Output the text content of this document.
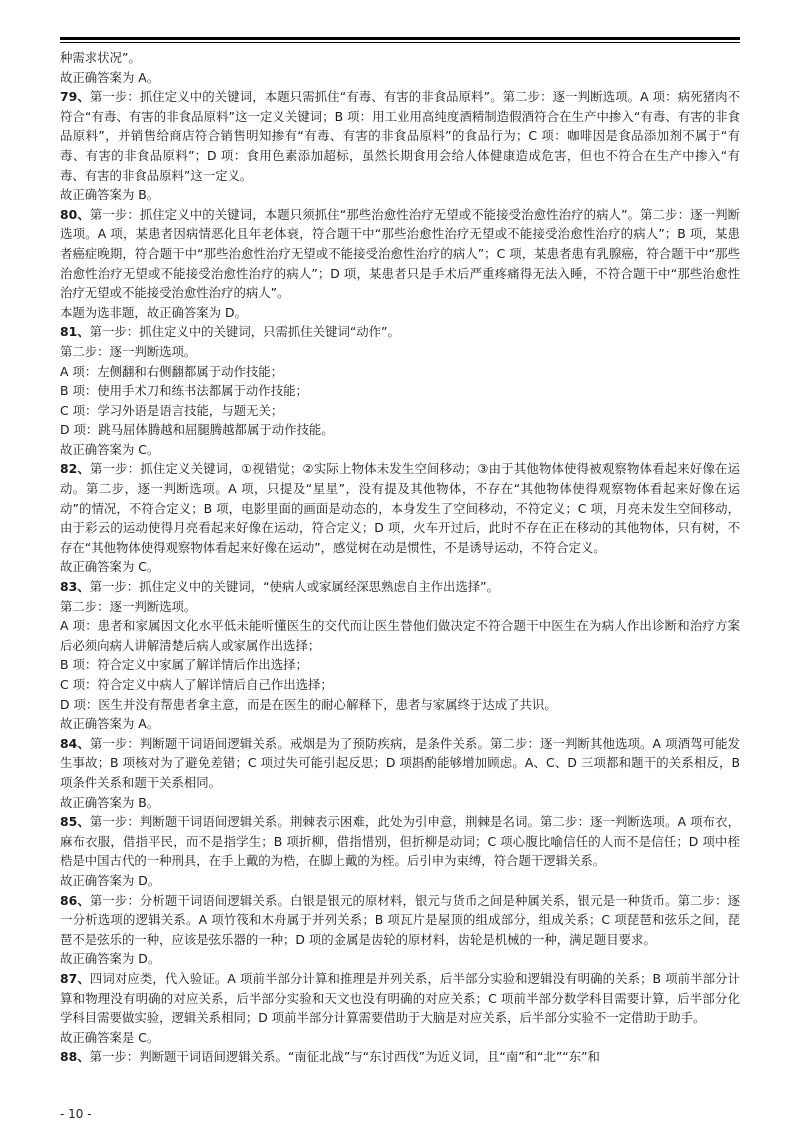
种需求状况”。

故正确答案为 A。

79、第一步：抓住定义中的关键词，本题只需抓住“有毒、有害的非食品原料”。第二步：逐一判断选项。A 项：病死猪肉不符合“有毒、有害的非食品原料”这一定义关键词；B 项：用工业用高纯度酒精制造假酒符合在生产中掺入“有毒、有害的非食品原料”，并销售给商店符合销售明知掺有“有毒、有害的非食品原料”的食品行为；C 项：咖啡因是食品添加剂不属于“有毒、有害的非食品原料”；D 项：食用色素添加超标，虽然长期食用会给人体健康造成危害，但也不符合在生产中掺入“有毒、有害的非食品原料”这一定义。

故正确答案为 B。

80、第一步：抓住定义中的关键词，本题只须抓住“那些治愈性治疗无望或不能接受治愈性治疗的病人”。第二步：逐一判断选项。A 项，某患者因病情恶化且年老体衰，符合题干中“那些治愈性治疗无望或不能接受治愈性治疗的病人”；B 项，某患者癌症晚期，符合题干中“那些治愈性治疗无望或不能接受治愈性治疗的病人”；C 项，某患者患有乳腺癌，符合题干中“那些治愈性治疗无望或不能接受治愈性治疗的病人”；D 项，某患者只是手术后严重疼痛得无法入睡，不符合题干中“那些治愈性治疗无望或不能接受治愈性治疗的病人”。

本题为选非题，故正确答案为 D。

81、第一步：抓住定义中的关键词，只需抓住关键词“动作”。

第二步：逐一判断选项。

A 项：左侧翻和右侧翻都属于动作技能；

B 项：使用手术刀和练书法都属于动作技能；

C 项：学习外语是语言技能，与题无关；

D 项：跳马屈体腾越和屈腿腾越都属于动作技能。

故正确答案为 C。

82、第一步：抓住定义关键词，①视错觉；②实际上物体未发生空间移动；③由于其他物体使得被观察物体看起来好像在运动。第二步，逐一判断选项。A 项，只提及“星星”，没有提及其他物体，不存在“其他物体使得观察物体看起来好像在运动”的情况，不符合定义；B 项，电影里面的画面是动态的，本身发生了空间移动，不符定义；C 项，月亮未发生空间移动，由于彩云的运动使得月亮看起来好像在运动，符合定义；D 项，火车开过后，此时不存在正在移动的其他物体，只有树，不存在“其他物体使得观察物体看起来好像在运动”，感觉树在动是惯性，不是诱导运动，不符合定义。

故正确答案为 C。

83、第一步：抓住定义中的关键词，“使病人或家属经深思熟虑自主作出选择”。

第二步：逐一判断选项。

A 项：患者和家属因文化水平低未能听懂医生的交代而让医生替他们做决定不符合题干中医生在为病人作出诊断和治疗方案后必须向病人讲解清楚后病人或家属作出选择；

B 项：符合定义中家属了解详情后作出选择；

C 项：符合定义中病人了解详情后自己作出选择；

D 项：医生并没有帮患者拿主意，而是在医生的耐心解释下，患者与家属终于达成了共识。

故正确答案为 A。

84、第一步：判断题干词语间逻辑关系。戒烟是为了预防疾病，是条件关系。第二步：逐一判断其他选项。A 项酒驾可能发生事故；B 项核对为了避免差错；C 项过失可能引起反思；D 项斟酌能够增加顾虑。A、C、D 三项都和题干的关系相反，B 项条件关系和题干关系相同。

故正确答案为 B。

85、第一步：判断题干词语间逻辑关系。荆棘表示困难，此处为引申意，荆棘是名词。第二步：逐一判断选项。A 项布衣，麻布衣服，借指平民，而不是指学生；B 项折柳，借指惜别，但折柳是动词；C 项心腹比喻信任的人而不是信任；D 项中桎梏是中国古代的一种刑具，在手上戴的为梏，在脚上戴的为桎。后引申为束缚，符合题干逻辑关系。

故正确答案为 D。

86、第一步：分析题干词语间逻辑关系。白银是银元的原材料，银元与货币之间是种属关系，银元是一种货币。第二步：逐一分析选项的逻辑关系。A 项竹筏和木舟属于并列关系；B 项瓦片是屋顶的组成部分，组成关系；C 项琵琶和弦乐之间，琵琶不是弦乐的一种，应该是弦乐器的一种；D 项的金属是齿轮的原材料，齿轮是机械的一种，满足题目要求。

故正确答案为 D。

87、四词对应类，代入验证。A 项前半部分计算和推理是并列关系，后半部分实验和逻辑没有明确的关系；B 项前半部分计算和物理没有明确的对应关系，后半部分实验和天文也没有明确的对应关系；C 项前半部分数学科目需要计算，后半部分化学科目需要做实验，逻辑关系相同；D 项前半部分计算需要借助于大脑是对应关系，后半部分实验不一定借助于助手。

故正确答案是 C。

88、第一步：判断题干词语间逻辑关系。“南征北战”与“东讨西伐”为近义词，且“南”和“北”“东”和

- 10 -
